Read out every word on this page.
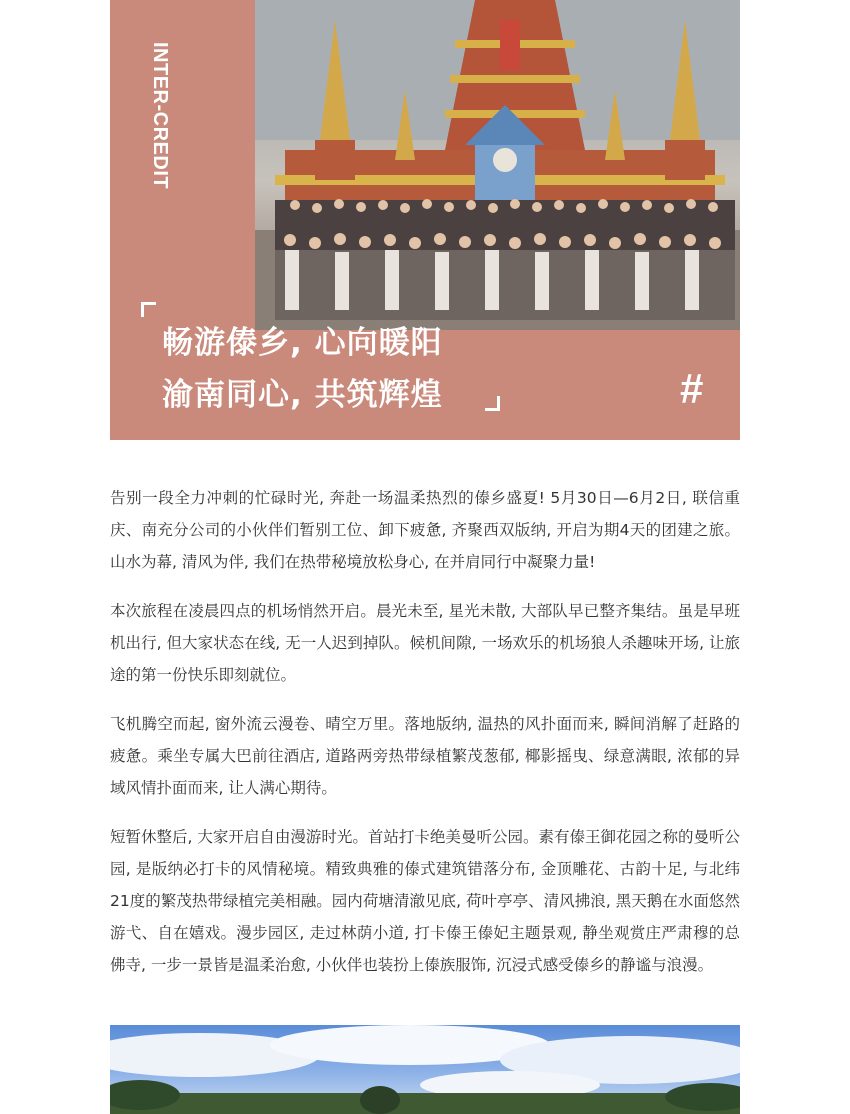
INTER-CREDIT
畅游傣乡, 心向暖阳
渝南同心, 共筑辉煌	#

告别一段全力冲刺的忙碌时光, 奔赴一场温柔热烈的傣乡盛夏! 5月30日—6月2日, 联信重庆、南充分公司的小伙伴们暂别工位、卸下疲惫, 齐聚西双版纳, 开启为期4天的团建之旅。山水为幕, 清风为伴, 我们在热带秘境放松身心, 在并肩同行中凝聚力量!

本次旅程在凌晨四点的机场悄然开启。晨光未至, 星光未散, 大部队早已整齐集结。虽是早班机出行, 但大家状态在线, 无一人迟到掉队。候机间隙, 一场欢乐的机场狼人杀趣味开场, 让旅途的第一份快乐即刻就位。

飞机腾空而起, 窗外流云漫卷、晴空万里。落地版纳, 温热的风扑面而来, 瞬间消解了赶路的疲惫。乘坐专属大巴前往酒店, 道路两旁热带绿植繁茂葱郁, 椰影摇曳、绿意满眼, 浓郁的异域风情扑面而来, 让人满心期待。

短暂休整后, 大家开启自由漫游时光。首站打卡绝美曼听公园。素有傣王御花园之称的曼听公园, 是版纳必打卡的风情秘境。精致典雅的傣式建筑错落分布, 金顶雕花、古韵十足, 与北纬21度的繁茂热带绿植完美相融。园内荷塘清澈见底, 荷叶亭亭、清风拂浪, 黑天鹅在水面悠然游弋、自在嬉戏。漫步园区, 走过林荫小道, 打卡傣王傣妃主题景观, 静坐观赏庄严肃穆的总佛寺, 一步一景皆是温柔治愈, 小伙伴也装扮上傣族服饰, 沉浸式感受傣乡的静谧与浪漫。
